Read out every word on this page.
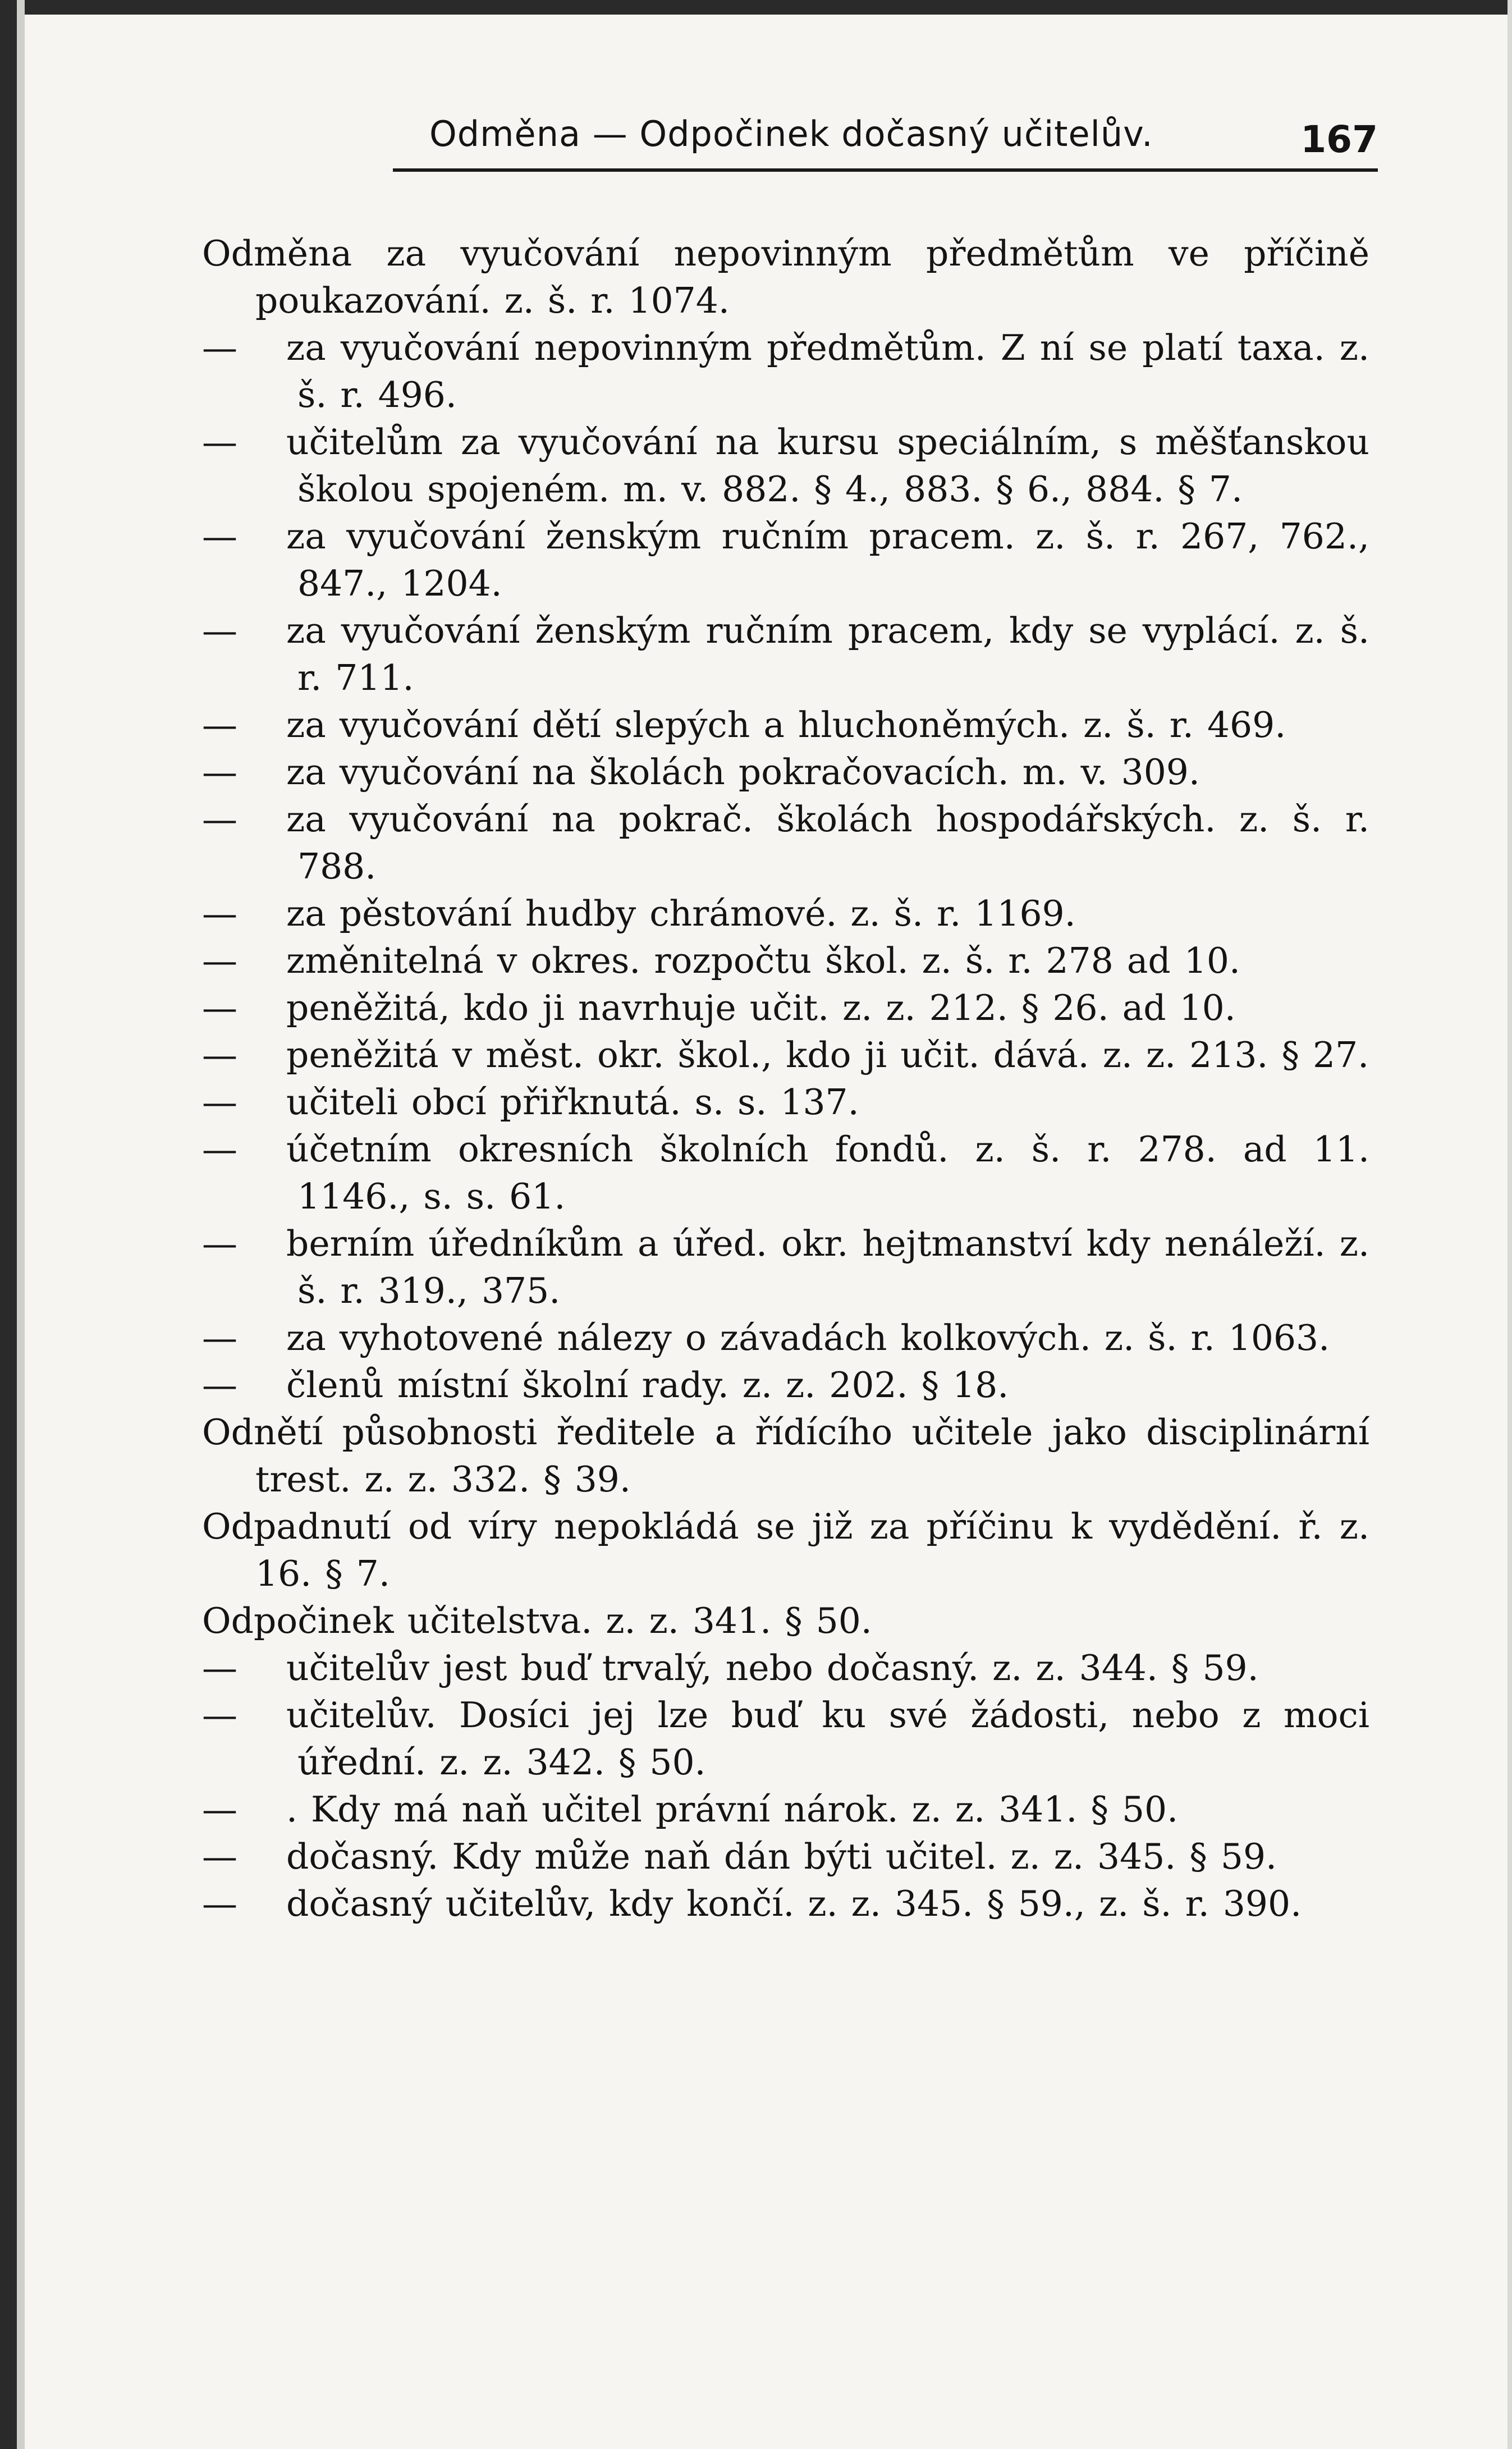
Odměna — Odpočinek dočasný učitelův.	167

Odměna za vyučování nepovinným předmětům ve příčině poukazování. z. š. r. 1074.

— za vyučování nepovinným předmětům. Z ní se platí taxa. z. š. r. 496.

— učitelům za vyučování na kursu speciálním, s měšťanskou školou spojeném. m. v. 882. § 4., 883. § 6., 884. § 7.

— za vyučování ženským ručním pracem. z. š. r. 267, 762., 847., 1204.

— za vyučování ženským ručním pracem, kdy se vyplácí. z. š. r. 711.

— za vyučování dětí slepých a hluchoněmých. z. š. r. 469.

— za vyučování na školách pokračovacích. m. v. 309.

— za vyučování na pokrač. školách hospodářských. z. š. r. 788.

— za pěstování hudby chrámové. z. š. r. 1169.

— změnitelná v okres. rozpočtu škol. z. š. r. 278 ad 10.

— peněžitá, kdo ji navrhuje učit. z. z. 212. § 26. ad 10.

— peněžitá v měst. okr. škol., kdo ji učit. dává. z. z. 213. § 27.

— učiteli obcí přiřknutá. s. s. 137.

— účetním okresních školních fondů. z. š. r. 278. ad 11. 1146., s. s. 61.

— berním úředníkům a úřed. okr. hejtmanství kdy nenáleží. z. š. r. 319., 375.

— za vyhotovené nálezy o závadách kolkových. z. š. r. 1063.

— členů místní školní rady. z. z. 202. § 18.

Odnětí působnosti ředitele a řídícího učitele jako disciplinární trest. z. z. 332. § 39.

Odpadnutí od víry nepokládá se již za příčinu k vydědění. ř. z. 16. § 7.

Odpočinek učitelstva. z. z. 341. § 50.

— učitelův jest buď trvalý, nebo dočasný. z. z. 344. § 59.

— učitelův. Dosíci jej lze buď ku své žádosti, nebo z moci úřední. z. z. 342. § 50.

— . Kdy má naň učitel právní nárok. z. z. 341. § 50.

— dočasný. Kdy může naň dán býti učitel. z. z. 345. § 59.

— dočasný učitelův, kdy končí. z. z. 345. § 59., z. š. r. 390.
